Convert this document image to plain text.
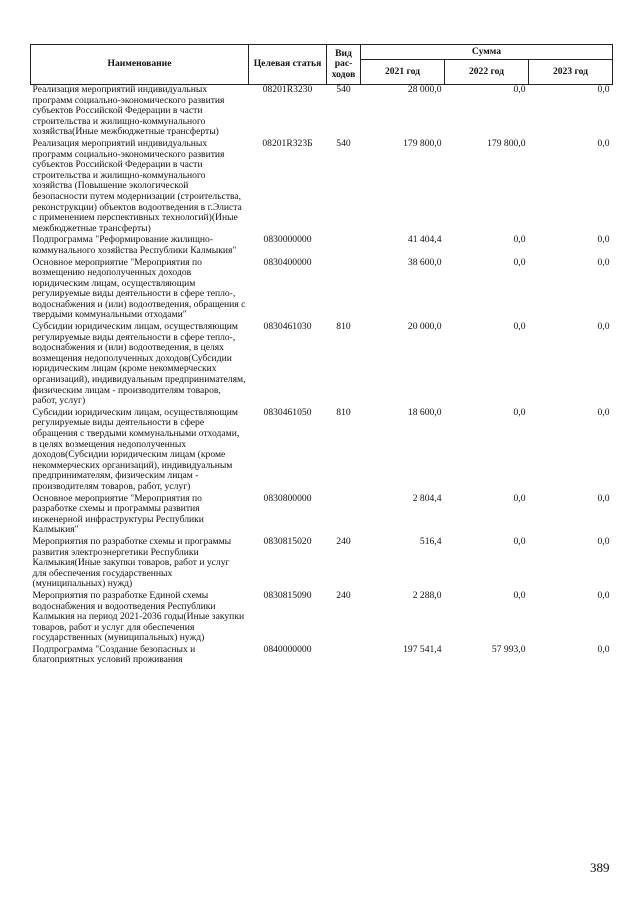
Наименование	Целевая статья	Вид рас-ходов	Сумма		
			2021 год	2022 год	2023 год
Реализация мероприятий индивидуальных программ социально-экономического развития субъектов Российской Федерации в части строительства и жилищно-коммунального хозяйства(Иные межбюджетные трансферты)	08201R3230	540	28 000,0	0,0	0,0
Реализация мероприятий индивидуальных программ социально-экономического развития субъектов Российской Федерации в части строительства и жилищно-коммунального хозяйства (Повышение экологической безопасности путем модернизации (строительства, реконструкции) объектов водоотведения в г.Элиста с применением перспективных технологий)(Иные межбюджетные трансферты)	08201R323Б	540	179 800,0	179 800,0	0,0
Подпрограмма "Реформирование жилищно-коммунального хозяйства Республики Калмыкия"	0830000000		41 404,4	0,0	0,0
Основное мероприятие "Мероприятия по возмещению недополученных доходов юридическим лицам, осуществляющим регулируемые виды деятельности в сфере тепло-, водоснабжения и (или) водоотведения, обращения с твердыми коммунальными отходами"	0830400000		38 600,0	0,0	0,0
Субсидии юридическим лицам, осуществляющим регулируемые виды деятельности в сфере тепло-, водоснабжения и (или) водоотведения, в целях возмещения недополученных доходов(Субсидии юридическим лицам (кроме некоммерческих организаций), индивидуальным предпринимателям, физическим лицам - производителям товаров, работ, услуг)	0830461030	810	20 000,0	0,0	0,0
Субсидии юридическим лицам, осуществляющим регулируемые виды деятельности в сфере обращения с твердыми коммунальными отходами, в целях возмещения недополученных доходов(Субсидии юридическим лицам (кроме некоммерческих организаций), индивидуальным предпринимателям, физическим лицам - производителям товаров, работ, услуг)	0830461050	810	18 600,0	0,0	0,0
Основное мероприятие "Мероприятия по разработке схемы и программы развития инженерной инфраструктуры Республики Калмыкия"	0830800000		2 804,4	0,0	0,0
Мероприятия по разработке схемы и программы развития электроэнергетики Республики Калмыкия(Иные закупки товаров, работ и услуг для обеспечения государственных (муниципальных) нужд)	0830815020	240	516,4	0,0	0,0
Мероприятия по разработке Единой схемы водоснабжения и водоотведения Республики Калмыкия на период 2021-2036 годы(Иные закупки товаров, работ и услуг для обеспечения государственных (муниципальных) нужд)	0830815090	240	2 288,0	0,0	0,0
Подпрограмма "Создание безопасных и благоприятных условий проживания	0840000000		197 541,4	57 993,0	0,0
389
